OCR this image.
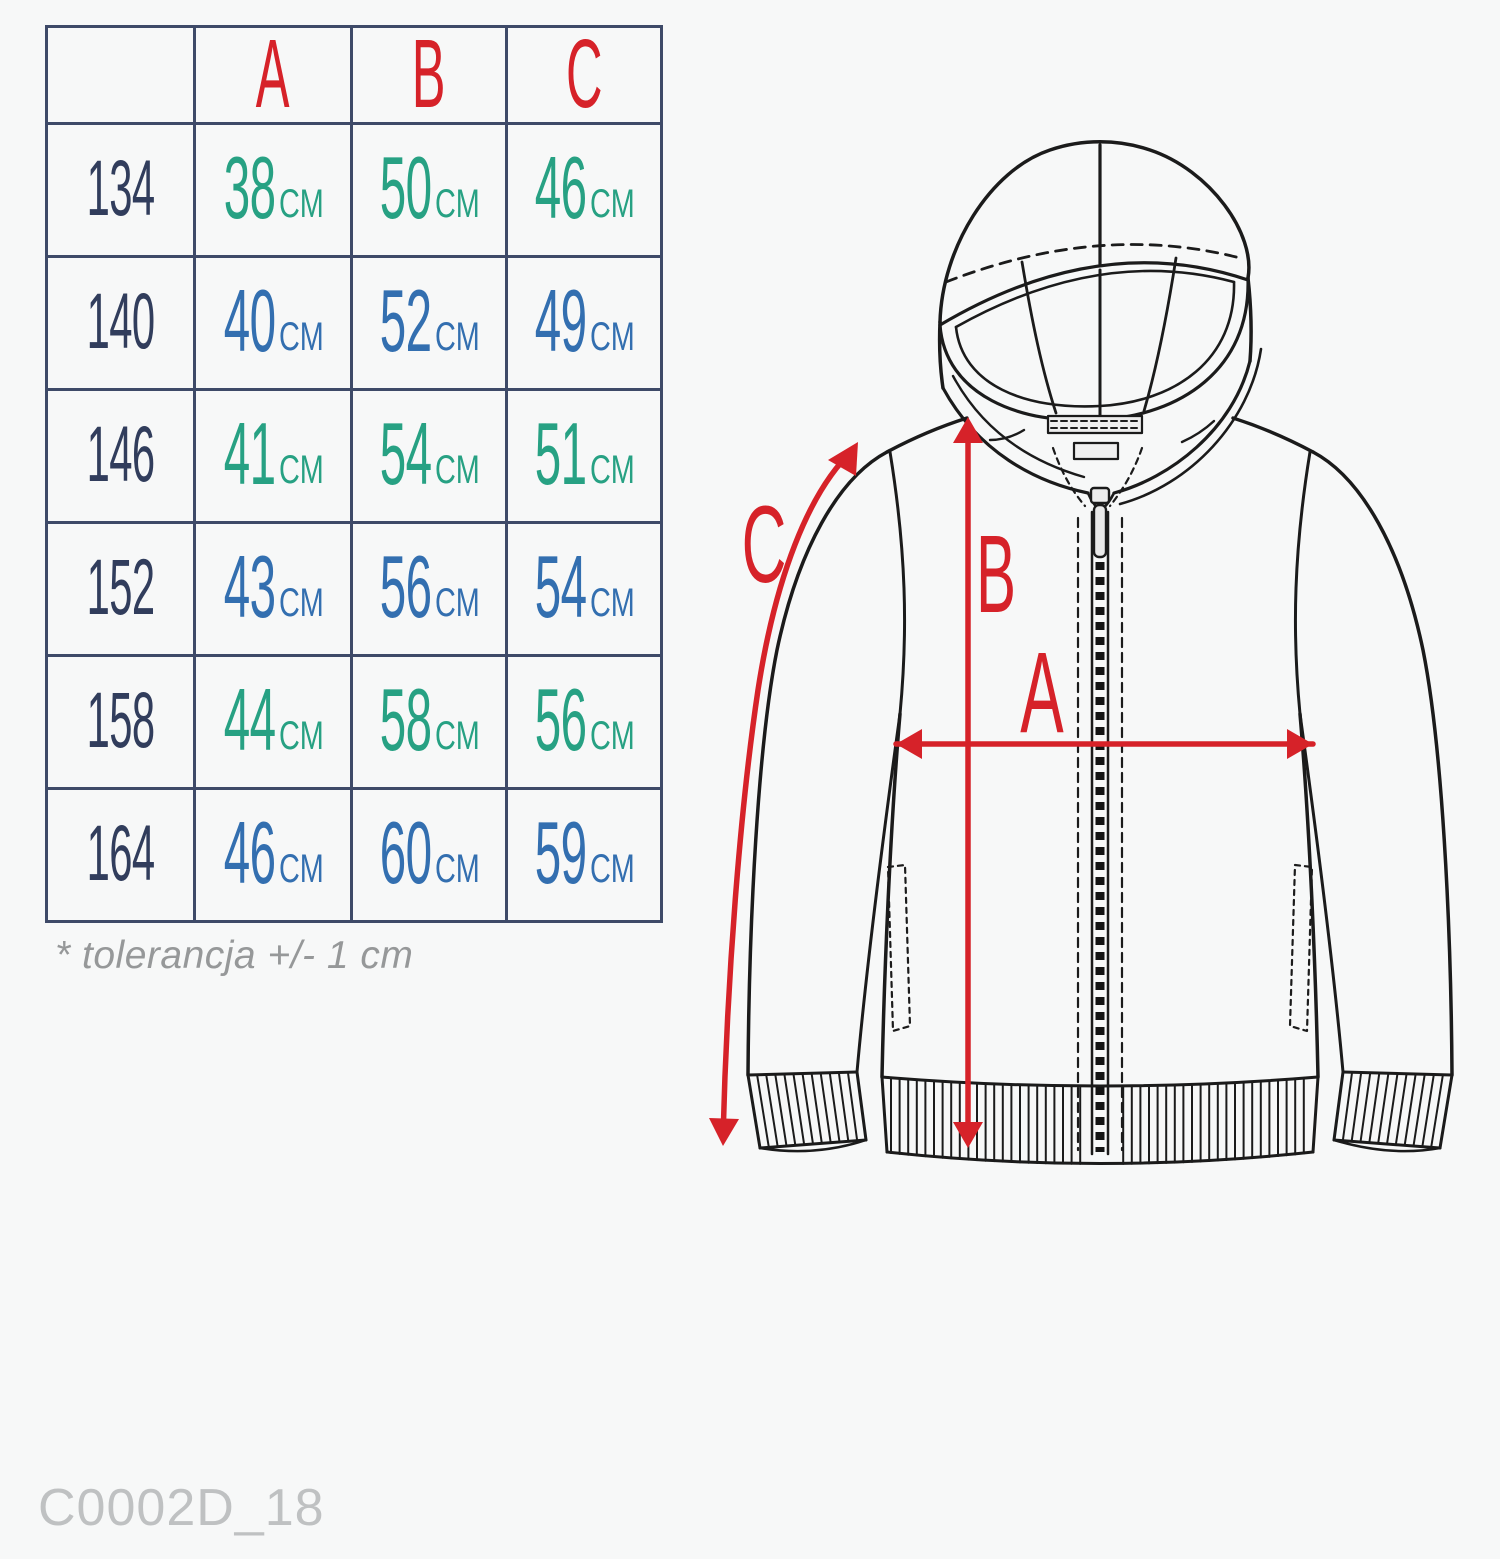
	A	B	C
134	38 CM	50 CM	46 CM

140	40 CM	52 CM	49 CM

146	41 CM	54 CM	51 CM

152	43 CM	56 CM	54 CM

158	44 CM	58 CM	56 CM

164	46 CM	60 CM	59 CM
* tolerancja +/- 1 cm
C0002D_18
A
B
C
